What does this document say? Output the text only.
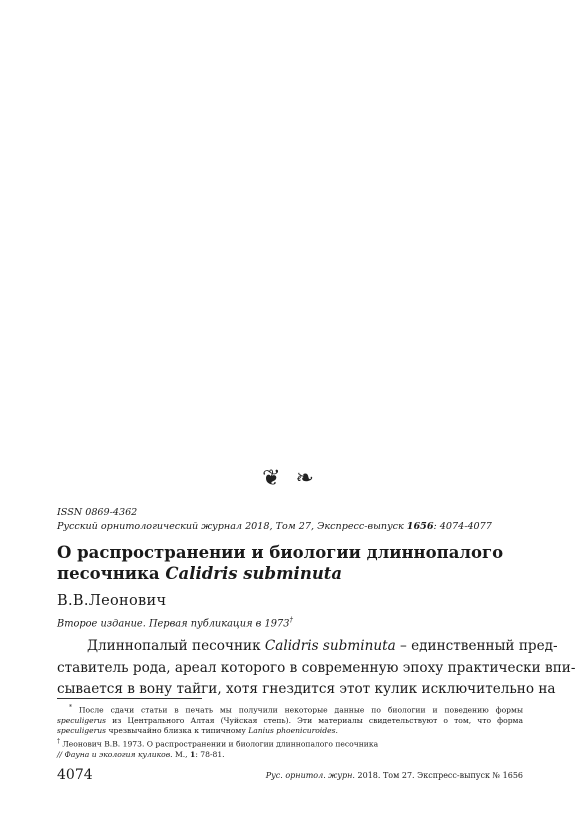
❦ ❧
ISSN 0869-4362
Русский орнитологический журнал 2018, Том 27, Экспресс-выпуск 1656: 4074-4077
О распространении и биологии длиннопалого
песочника Calidris subminuta
В.В.Леонович
Второе издание. Первая публикация в 1973†
Длиннопалый песочник Calidris subminuta – единственный пред-
ставитель рода, ареал которого в современную эпоху практически впи-
сывается в вону тайги, хотя гнездится этот кулик исключительно на
* После сдачи статьи в печать мы получили некоторые данные по биологии и поведению формы
speculigerus из Центрального Алтая (Чуйская степь). Эти материалы свидетельствуют о том, что форма
speculigerus чрезвычайно близка к типичному Lanius phoenicuroides.
† Леонович В.В. 1973. О распространении и биологии длиннопалого песочника
// Фауна и экология куликов. М., 1: 78-81.
4074	Рус. орнитол. журн. 2018. Том 27. Экспресс-выпуск № 1656
